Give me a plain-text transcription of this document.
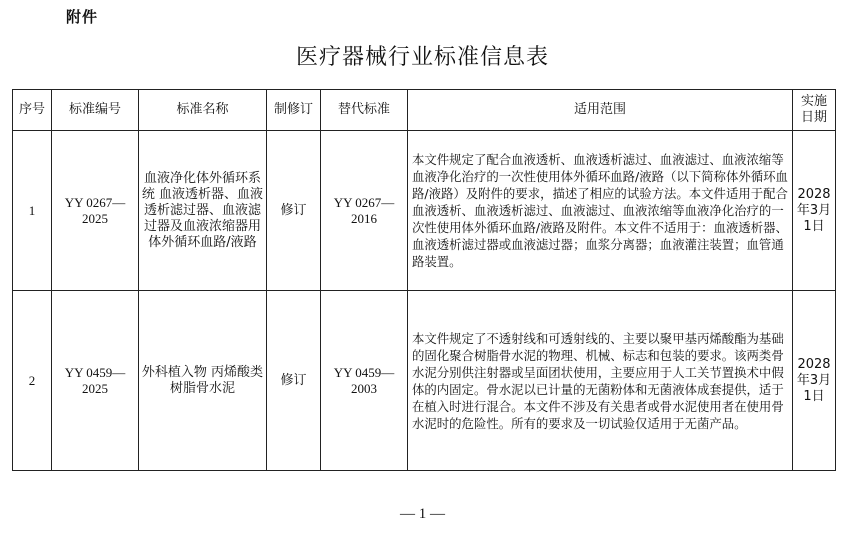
附件
医疗器械行业标准信息表
序号	标准编号	标准名称	制修订	替代标准	适用范围	实施日期
1	YY 0267—2025	血液净化体外循环系统 血液透析器、血液透析滤过器、血液滤过器及血液浓缩器用体外循环血路/液路	修订	YY 0267—2016	本文件规定了配合血液透析、血液透析滤过、血液滤过、血液浓缩等血液净化治疗的一次性使用体外循环血路/液路（以下简称体外循环血路/液路）及附件的要求，描述了相应的试验方法。本文件适用于配合血液透析、血液透析滤过、血液滤过、血液浓缩等血液净化治疗的一次性使用体外循环血路/液路及附件。本文件不适用于：血液透析器、血液透析滤过器或血液滤过器；血浆分离器；血液灌注装置；血管通路装置。	2028年3月1日
2	YY 0459—2025	外科植入物 丙烯酸类树脂骨水泥	修订	YY 0459—2003	本文件规定了不透射线和可透射线的、主要以聚甲基丙烯酸酯为基础的固化聚合树脂骨水泥的物理、机械、标志和包装的要求。该两类骨水泥分别供注射器或呈面团状使用，主要应用于人工关节置换术中假体的内固定。骨水泥以已计量的无菌粉体和无菌液体成套提供，适于在植入时进行混合。本文件不涉及有关患者或骨水泥使用者在使用骨水泥时的危险性。所有的要求及一切试验仅适用于无菌产品。	2028年3月1日
— 1 —
